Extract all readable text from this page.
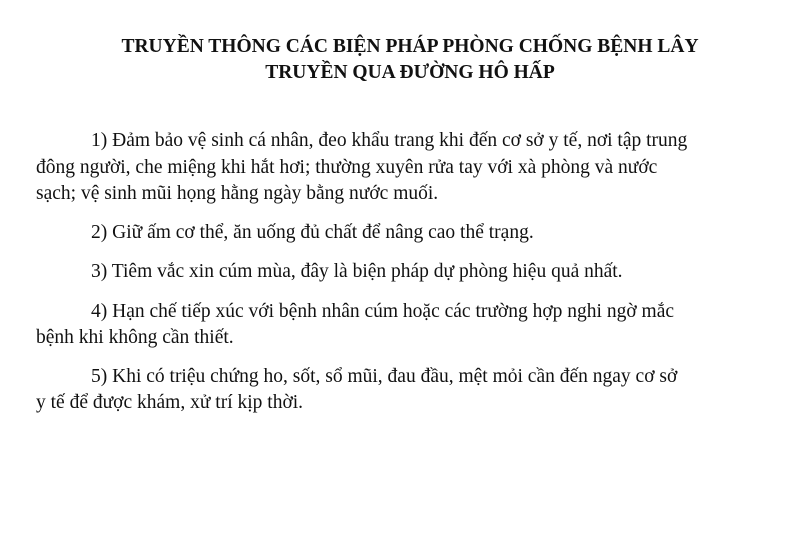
TRUYỀN THÔNG CÁC BIỆN PHÁP PHÒNG CHỐNG BỆNH LÂY
TRUYỀN QUA ĐƯỜNG HÔ HẤP

1) Đảm bảo vệ sinh cá nhân, đeo khẩu trang khi đến cơ sở y tế, nơi tập trung
đông người, che miệng khi hắt hơi; thường xuyên rửa tay với xà phòng và nước
sạch; vệ sinh mũi họng hằng ngày bằng nước muối.

2) Giữ ấm cơ thể, ăn uống đủ chất để nâng cao thể trạng.

3) Tiêm vắc xin cúm mùa, đây là biện pháp dự phòng hiệu quả nhất.

4) Hạn chế tiếp xúc với bệnh nhân cúm hoặc các trường hợp nghi ngờ mắc
bệnh khi không cần thiết.

5) Khi có triệu chứng ho, sốt, sổ mũi, đau đầu, mệt mỏi cần đến ngay cơ sở
y tế để được khám, xử trí kịp thời.
